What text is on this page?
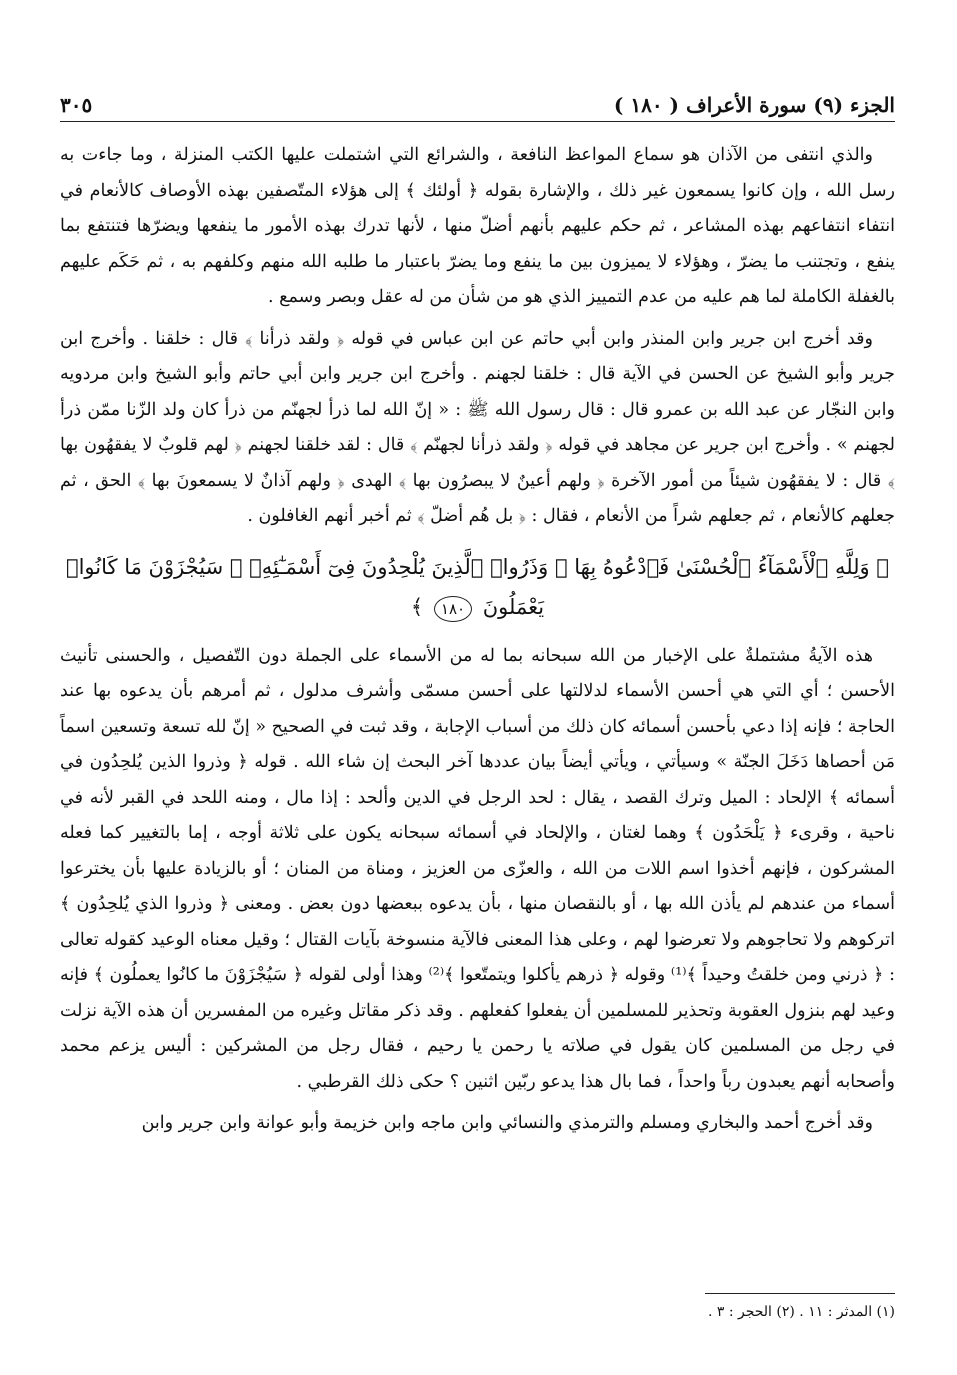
الجزء (٩) سورة الأعراف ( ١٨٠ )
٣٠٥

والذي انتفى من الآذان هو سماع المواعظ النافعة ، والشرائع التي اشتملت عليها الكتب المنزلة ، وما جاءت به رسل الله ، وإن كانوا يسمعون غير ذلك ، والإشارة بقوله ﴿ أولئك ﴾ إلى هؤلاء المتّصفين بهذه الأوصاف كالأنعام في انتفاء انتفاعهم بهذه المشاعر ، ثم حكم عليهم بأنهم أضلّ منها ، لأنها تدرك بهذه الأمور ما ينفعها ويضرّها فتنتفع بما ينفع ، وتجتنب ما يضرّ ، وهؤلاء لا يميزون بين ما ينفع وما يضرّ باعتبار ما طلبه الله منهم وكلفهم به ، ثم حَكَم عليهم بالغفلة الكاملة لما هم عليه من عدم التمييز الذي هو من شأن من له عقل وبصر وسمع .

وقد أخرج ابن جرير وابن المنذر وابن أبي حاتم عن ابن عباس في قوله ﴿ ولقد ذرأنا ﴾ قال : خلقنا . وأخرج ابن جرير وأبو الشيخ عن الحسن في الآية قال : خلقنا لجهنم . وأخرج ابن جرير وابن أبي حاتم وأبو الشيخ وابن مردويه وابن النجّار عن عبد الله بن عمرو قال : قال رسول الله ﷺ : « إنّ الله لما ذرأ لجهنّم من ذرأ كان ولد الزّنا ممّن ذرأ لجهنم » . وأخرج ابن جرير عن مجاهد في قوله ﴿ ولقد ذرأنا لجهنّم ﴾ قال : لقد خلقنا لجهنم ﴿ لهم قلوبٌ لا يفقهُون بها ﴾ قال : لا يفقهُون شيئاً من أمور الآخرة ﴿ ولهم أعينٌ لا يبصرُون بها ﴾ الهدى ﴿ ولهم آذانٌ لا يسمعونَ بها ﴾ الحق ، ثم جعلهم كالأنعام ، ثم جعلهم شراً من الأنعام ، فقال : ﴿ بل هُم أضلّ ﴾ ثم أخبر أنهم الغافلون .

﴿ وَلِلَّهِ ٱلْأَسْمَآءُ ٱلْحُسْنَىٰ فَٱدْعُوهُ بِهَا ۖ وَذَرُوا۟ ٱلَّذِينَ يُلْحِدُونَ فِىٓ أَسْمَـٰٓئِهِۦ ۚ سَيُجْزَوْنَ مَا كَانُوا۟ يَعْمَلُونَ ١٨٠ ﴾

هذه الآيةُ مشتملةٌ على الإخبار من الله سبحانه بما له من الأسماء على الجملة دون التّفصيل ، والحسنى تأنيث الأحسن ؛ أي التي هي أحسن الأسماء لدلالتها على أحسن مسمّى وأشرف مدلول ، ثم أمرهم بأن يدعوه بها عند الحاجة ؛ فإنه إذا دعي بأحسن أسمائه كان ذلك من أسباب الإجابة ، وقد ثبت في الصحيح « إنّ لله تسعة وتسعين اسماً مَن أحصاها دَخَلَ الجنّة » وسيأتي ، ويأتي أيضاً بيان عددها آخر البحث إن شاء الله . قوله ﴿ وذروا الذين يُلحِدُون في أسمائه ﴾ الإلحاد : الميل وترك القصد ، يقال : لحد الرجل في الدين وألحد : إذا مال ، ومنه اللحد في القبر لأنه في ناحية ، وقرىء ﴿ يَلْحَدُون ﴾ وهما لغتان ، والإلحاد في أسمائه سبحانه يكون على ثلاثة أوجه ، إما بالتغيير كما فعله المشركون ، فإنهم أخذوا اسم اللات من الله ، والعزّى من العزيز ، ومناة من المنان ؛ أو بالزيادة عليها بأن يخترعوا أسماء من عندهم لم يأذن الله بها ، أو بالنقصان منها ، بأن يدعوه ببعضها دون بعض . ومعنى ﴿ وذروا الذي يُلحِدُون ﴾ اتركوهم ولا تحاجوهم ولا تعرضوا لهم ، وعلى هذا المعنى فالآية منسوخة بآيات القتال ؛ وقيل معناه الوعيد كقوله تعالى : ﴿ ذرني ومن خلقتُ وحيداً ﴾⁽¹⁾ وقوله ﴿ ذرهم يأكلوا ويتمتّعوا ﴾⁽²⁾ وهذا أولى لقوله ﴿ سَيُجْزَوْنَ ما كانُوا يعملُون ﴾ فإنه وعيد لهم بنزول العقوبة وتحذير للمسلمين أن يفعلوا كفعلهم . وقد ذكر مقاتل وغيره من المفسرين أن هذه الآية نزلت في رجل من المسلمين كان يقول في صلاته يا رحمن يا رحيم ، فقال رجل من المشركين : أليس يزعم محمد وأصحابه أنهم يعبدون رباً واحداً ، فما بال هذا يدعو ربّين اثنين ؟ حكى ذلك القرطبي .

وقد أخرج أحمد والبخاري ومسلم والترمذي والنسائي وابن ماجه وابن خزيمة وأبو عوانة وابن جرير وابن

(١) المدثر : ١١ . (٢) الحجر : ٣ .
